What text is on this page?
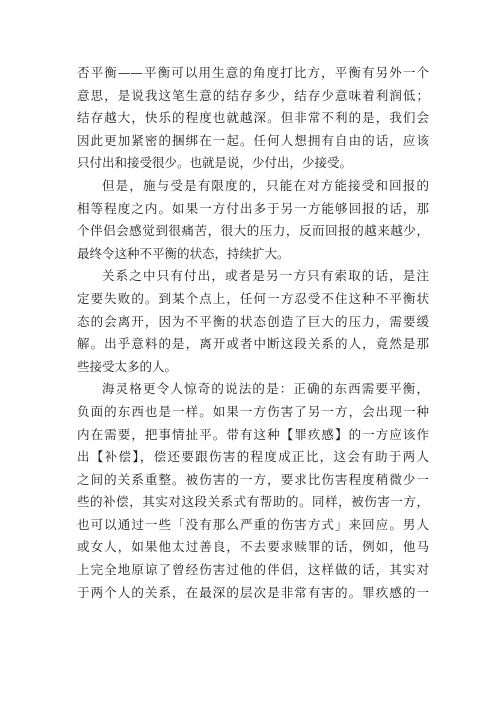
否平衡——平衡可以用生意的角度打比方，平衡有另外一个
意思，是说我这笔生意的结存多少，结存少意味着利润低；
结存越大，快乐的程度也就越深。但非常不利的是，我们会
因此更加紧密的捆绑在一起。任何人想拥有自由的话，应该
只付出和接受很少。也就是说，少付出，少接受。
但是，施与受是有限度的，只能在对方能接受和回报的
相等程度之内。如果一方付出多于另一方能够回报的话，那
个伴侣会感觉到很痛苦，很大的压力，反而回报的越来越少，
最终令这种不平衡的状态，持续扩大。
关系之中只有付出，或者是另一方只有索取的话，是注
定要失败的。到某个点上，任何一方忍受不住这种不平衡状
态的会离开，因为不平衡的状态创造了巨大的压力，需要缓
解。出乎意料的是，离开或者中断这段关系的人，竟然是那
些接受太多的人。
海灵格更令人惊奇的说法的是：正确的东西需要平衡，
负面的东西也是一样。如果一方伤害了另一方，会出现一种
内在需要，把事情扯平。带有这种【罪疚感】的一方应该作
出【补偿】，偿还要跟伤害的程度成正比，这会有助于两人
之间的关系重整。被伤害的一方，要求比伤害程度稍微少一
些的补偿，其实对这段关系式有帮助的。同样，被伤害一方，
也可以通过一些「没有那么严重的伤害方式」来回应。男人
或女人，如果他太过善良，不去要求赎罪的话，例如，他马
上完全地原谅了曾经伤害过他的伴侣，这样做的话，其实对
于两个人的关系，在最深的层次是非常有害的。罪疚感的一
